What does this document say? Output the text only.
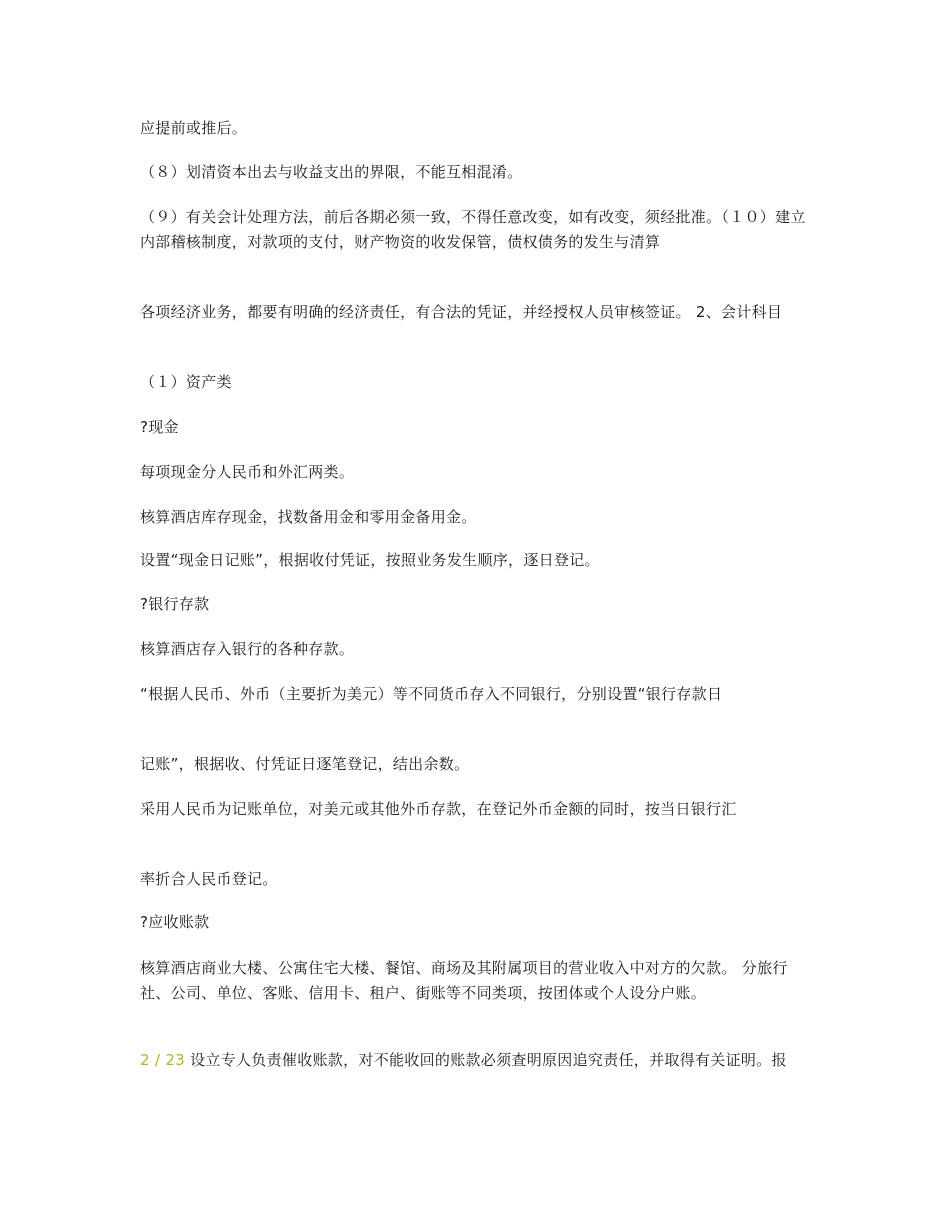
应提前或推后。

（８）划清资本出去与收益支出的界限，不能互相混淆。

（９）有关会计处理方法，前后各期必须一致，不得任意改变，如有改变，须经批准。（１０）建立内部稽核制度，对款项的支付，财产物资的收发保管，债权债务的发生与清算

各项经济业务，都要有明确的经济责任，有合法的凭证，并经授权人员审核签证。 2、会计科目

（１）资产类

?现金

每项现金分人民币和外汇两类。

核算酒店库存现金，找数备用金和零用金备用金。

设置“现金日记账”，根据收付凭证，按照业务发生顺序，逐日登记。

?银行存款

核算酒店存入银行的各种存款。

“根据人民币、外币（主要折为美元）等不同货币存入不同银行，分别设置“银行存款日

记账”，根据收、付凭证日逐笔登记，结出余数。

采用人民币为记账单位，对美元或其他外币存款，在登记外币金额的同时，按当日银行汇

率折合人民币登记。

?应收账款

核算酒店商业大楼、公寓住宅大楼、餐馆、商场及其附属项目的营业收入中对方的欠款。 分旅行社、公司、单位、客账、信用卡、租户、街账等不同类项，按团体或个人设分户账。

2 / 23 设立专人负责催收账款，对不能收回的账款必须查明原因追究责任，并取得有关证明。报
